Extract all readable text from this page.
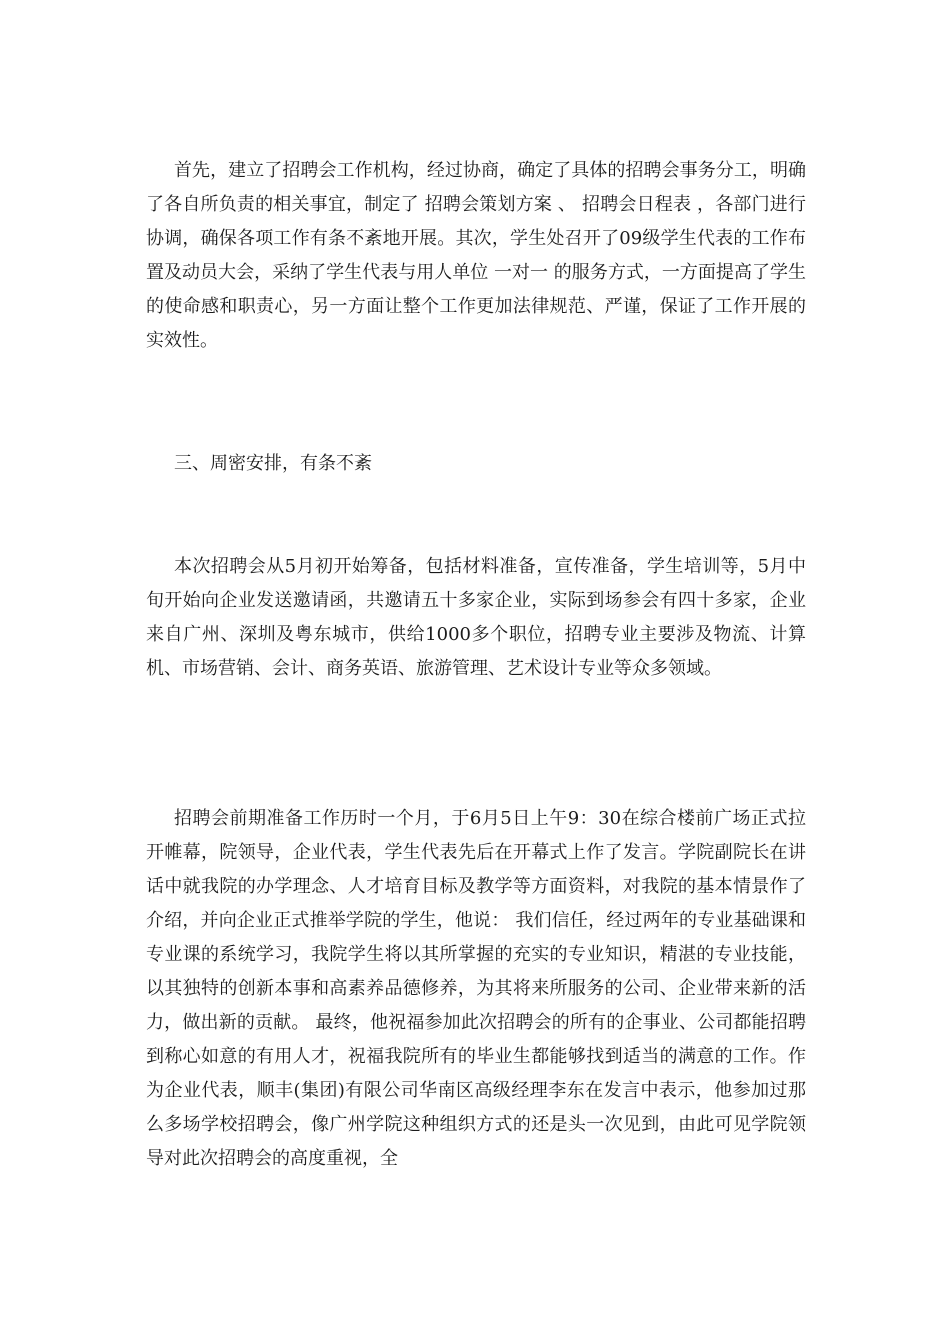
首先，建立了招聘会工作机构，经过协商，确定了具体的招聘会事务分工，明确了各自所负责的相关事宜，制定了 招聘会策划方案 、 招聘会日程表 ，各部门进行协调，确保各项工作有条不紊地开展。其次，学生处召开了09级学生代表的工作布置及动员大会，采纳了学生代表与用人单位 一对一 的服务方式，一方面提高了学生的使命感和职责心，另一方面让整个工作更加法律规范、严谨，保证了工作开展的实效性。

三、周密安排，有条不紊

本次招聘会从5月初开始筹备，包括材料准备，宣传准备，学生培训等，5月中旬开始向企业发送邀请函，共邀请五十多家企业，实际到场参会有四十多家，企业来自广州、深圳及粤东城市，供给1000多个职位，招聘专业主要涉及物流、计算机、市场营销、会计、商务英语、旅游管理、艺术设计专业等众多领域。

招聘会前期准备工作历时一个月，于6月5日上午9：30在综合楼前广场正式拉开帷幕，院领导，企业代表，学生代表先后在开幕式上作了发言。学院副院长在讲话中就我院的办学理念、人才培育目标及教学等方面资料，对我院的基本情景作了介绍，并向企业正式推举学院的学生，他说： 我们信任，经过两年的专业基础课和专业课的系统学习，我院学生将以其所掌握的充实的专业知识，精湛的专业技能，以其独特的创新本事和高素养品德修养，为其将来所服务的公司、企业带来新的活力，做出新的贡献。 最终，他祝福参加此次招聘会的所有的企事业、公司都能招聘到称心如意的有用人才，祝福我院所有的毕业生都能够找到适当的满意的工作。作为企业代表，顺丰(集团)有限公司华南区高级经理李东在发言中表示，他参加过那么多场学校招聘会，像广州学院这种组织方式的还是头一次见到，由此可见学院领导对此次招聘会的高度重视，全
